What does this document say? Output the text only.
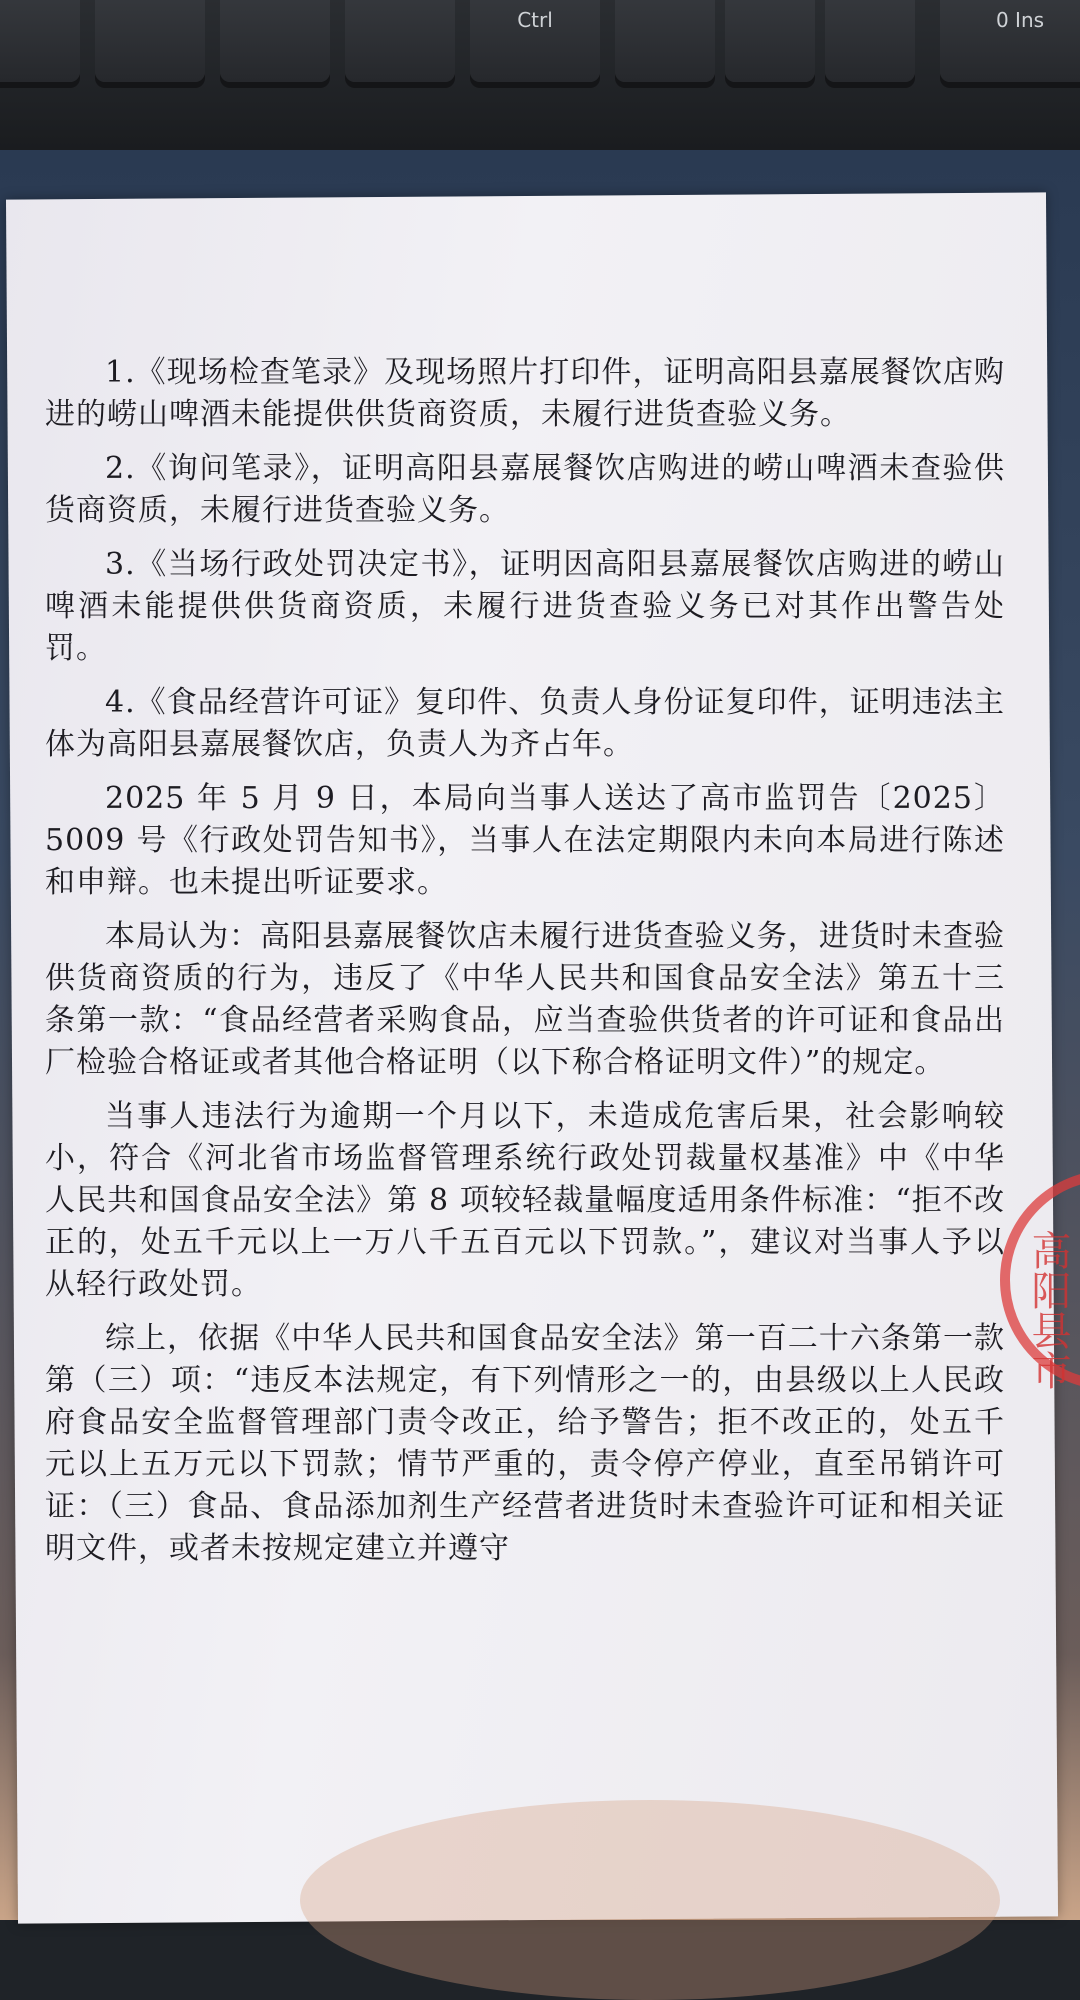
Ctrl	0 Ins

1.《现场检查笔录》及现场照片打印件，证明高阳县嘉展餐饮店购进的崂山啤酒未能提供供货商资质，未履行进货查验义务。

2.《询问笔录》，证明高阳县嘉展餐饮店购进的崂山啤酒未查验供货商资质，未履行进货查验义务。

3.《当场行政处罚决定书》，证明因高阳县嘉展餐饮店购进的崂山啤酒未能提供供货商资质，未履行进货查验义务已对其作出警告处罚。

4.《食品经营许可证》复印件、负责人身份证复印件，证明违法主体为高阳县嘉展餐饮店，负责人为齐占年。

2025 年 5 月 9 日，本局向当事人送达了高市监罚告〔2025〕5009 号《行政处罚告知书》，当事人在法定期限内未向本局进行陈述和申辩。也未提出听证要求。

本局认为：高阳县嘉展餐饮店未履行进货查验义务，进货时未查验供货商资质的行为，违反了《中华人民共和国食品安全法》第五十三条第一款：“食品经营者采购食品，应当查验供货者的许可证和食品出厂检验合格证或者其他合格证明（以下称合格证明文件）”的规定。

当事人违法行为逾期一个月以下，未造成危害后果，社会影响较小，符合《河北省市场监督管理系统行政处罚裁量权基准》中《中华人民共和国食品安全法》第 8 项较轻裁量幅度适用条件标准：“拒不改正的，处五千元以上一万八千五百元以下罚款。”，建议对当事人予以从轻行政处罚。

综上，依据《中华人民共和国食品安全法》第一百二十六条第一款第（三）项：“违反本法规定，有下列情形之一的，由县级以上人民政府食品安全监督管理部门责令改正，给予警告；拒不改正的，处五千元以上五万元以下罚款；情节严重的，责令停产停业，直至吊销许可证：（三）食品、食品添加剂生产经营者进货时未查验许可证和相关证明文件，或者未按规定建立并遵守

高阳县市
